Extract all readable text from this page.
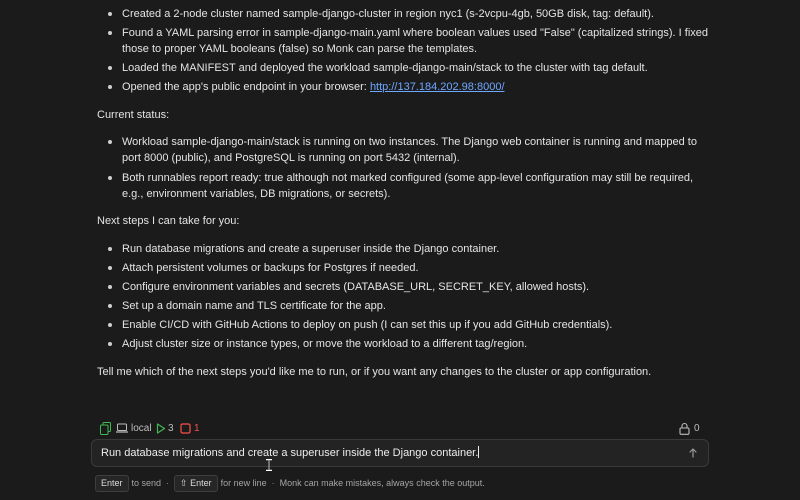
Created a 2-node cluster named sample-django-cluster in region nyc1 (s-2vcpu-4gb, 50GB disk, tag: default).
Found a YAML parsing error in sample-django-main.yaml where boolean values used "False" (capitalized strings). I fixed those to proper YAML booleans (false) so Monk can parse the templates.
Loaded the MANIFEST and deployed the workload sample-django-main/stack to the cluster with tag default.
Opened the app's public endpoint in your browser: http://137.184.202.98:8000/
Current status:
Workload sample-django-main/stack is running on two instances. The Django web container is running and mapped to port 8000 (public), and PostgreSQL is running on port 5432 (internal).
Both runnables report ready: true although not marked configured (some app-level configuration may still be required, e.g., environment variables, DB migrations, or secrets).
Next steps I can take for you:
Run database migrations and create a superuser inside the Django container.
Attach persistent volumes or backups for Postgres if needed.
Configure environment variables and secrets (DATABASE_URL, SECRET_KEY, allowed hosts).
Set up a domain name and TLS certificate for the app.
Enable CI/CD with GitHub Actions to deploy on push (I can set this up if you add GitHub credentials).
Adjust cluster size or instance types, or move the workload to a different tag/region.
Tell me which of the next steps you'd like me to run, or if you want any changes to the cluster or app configuration.
local 3 1	0
Run database migrations and create a superuser inside the Django container.
Enter to send · ⇧ Enter for new line · Monk can make mistakes, always check the output.
